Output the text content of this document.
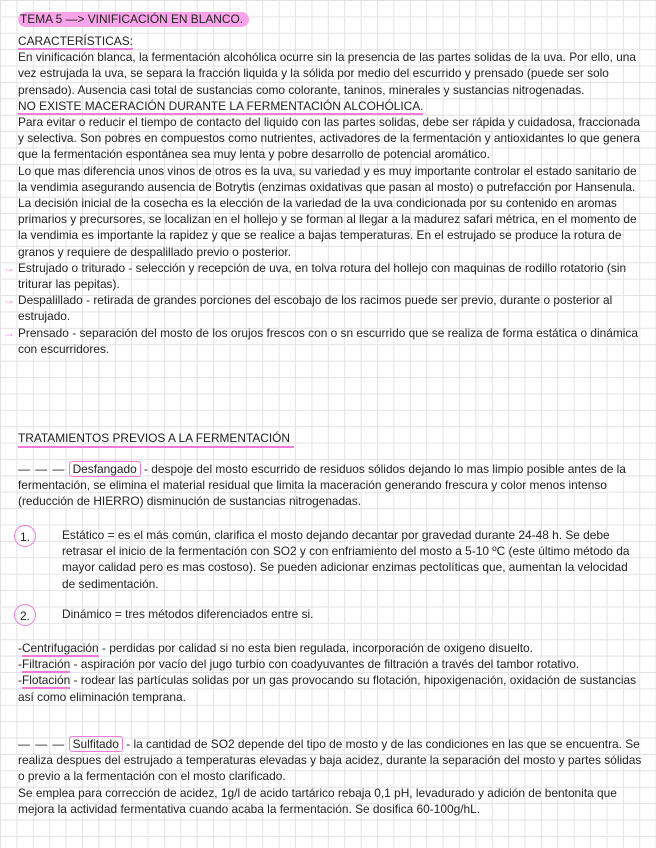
TEMA 5 —> VINIFICACIÓN EN BLANCO.

CARACTERÍSTICAS:

En vinificación blanca, la fermentación alcohólica ocurre sin la presencia de las partes solidas de la uva. Por ello, una vez estrujada la uva, se separa la fracción liquida y la sólida por medio del escurrido y prensado (puede ser solo prensado). Ausencia casi total de sustancias como colorante, taninos, minerales y sustancias nitrogenadas.

NO EXISTE MACERACIÓN DURANTE LA FERMENTACIÓN ALCOHÓLICA.

Para evitar o reducir el tiempo de contacto del liquido con las partes solidas, debe ser rápida y cuidadosa, fraccionada y selectiva. Son pobres en compuestos como nutrientes, activadores de la fermentación y antioxidantes lo que genera que la fermentación espontánea sea muy lenta y pobre desarrollo de potencial aromático.

Lo que mas diferencia unos vinos de otros es la uva, su variedad y es muy importante controlar el estado sanitario de la vendimia asegurando ausencia de Botrytis (enzimas oxidativas que pasan al mosto) o putrefacción por Hansenula.

La decisión inicial de la cosecha es la elección de la variedad de la uva condicionada por su contenido en aromas primarios y precursores, se localizan en el hollejo y se forman al llegar a la madurez safari métrica, en el momento de la vendimia es importante la rapidez y que se realice a bajas temperaturas. En el estrujado se produce la rotura de granos y requiere de despalillado previo o posterior.

→ Estrujado o triturado - selección y recepción de uva, en tolva rotura del hollejo con maquinas de rodillo rotatorio (sin triturar las pepitas).

→ Despalillado - retirada de grandes porciones del escobajo de los racimos puede ser previo, durante o posterior al estrujado.

→ Prensado - separación del mosto de los orujos frescos con o sn escurrido que se realiza de forma estática o dinámica con escurridores.

TRATAMIENTOS PREVIOS A LA FERMENTACIÓN

— — — Desfangado - despoje del mosto escurrido de residuos sólidos dejando lo mas limpio posible antes de la fermentación, se elimina el material residual que limita la maceración generando frescura y color menos intenso (reducción de HIERRO) disminución de sustancias nitrogenadas.

1.	Estático = es el más común, clarifica el mosto dejando decantar por gravedad durante 24-48 h. Se debe retrasar el inicio de la fermentación con SO2 y con enfriamiento del mosto a 5-10 ºC (este último método da mayor calidad pero es mas costoso). Se pueden adicionar enzimas pectolíticas que, aumentan la velocidad de sedimentación.

2.	Dinámico = tres métodos diferenciados entre si.

-Centrifugación - perdidas por calidad si no esta bien regulada, incorporación de oxigeno disuelto.

-Filtración - aspiración por vacío del jugo turbio con coadyuvantes de filtración a través del tambor rotativo.

-Flotación - rodear las partículas solidas por un gas provocando su flotación, hipoxigenación, oxidación de sustancias así como eliminación temprana.

— — — Sulfitado - la cantidad de SO2 depende del tipo de mosto y de las condiciones en las que se encuentra. Se realiza despues del estrujado a temperaturas elevadas y baja acidez, durante la separación del mosto y partes sólidas o previo a la fermentación con el mosto clarificado.

Se emplea para corrección de acidez, 1g/l de acido tartárico rebaja 0,1 pH, levadurado y adición de bentonita que mejora la actividad fermentativa cuando acaba la fermentación. Se dosifica 60-100g/hL.
